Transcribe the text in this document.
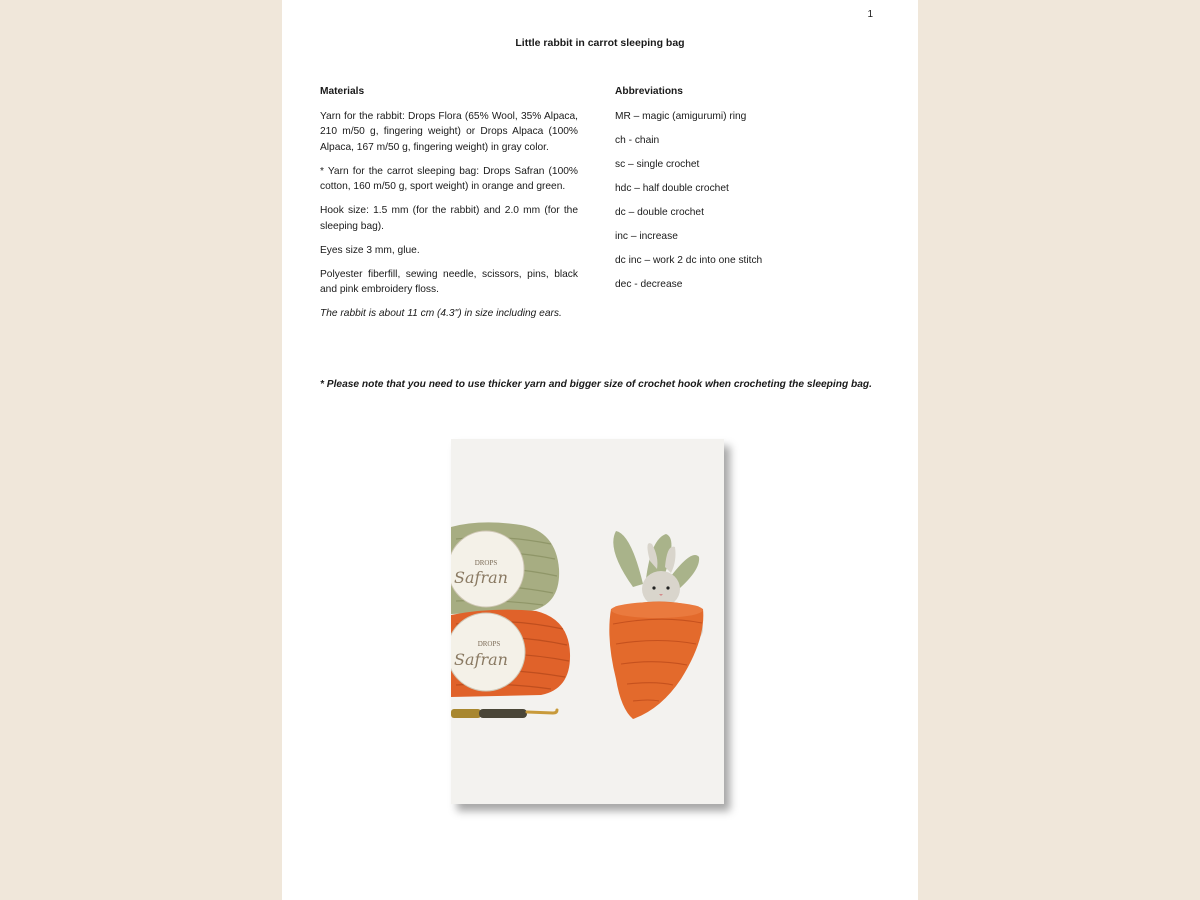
1
Little rabbit in carrot sleeping bag
Materials

Yarn for the rabbit: Drops Flora (65% Wool, 35% Alpaca, 210 m/50 g, fingering weight) or Drops Alpaca (100% Alpaca, 167 m/50 g, fingering weight) in gray color.

* Yarn for the carrot sleeping bag: Drops Safran (100% cotton, 160 m/50 g, sport weight) in orange and green.

Hook size: 1.5 mm (for the rabbit) and 2.0 mm (for the sleeping bag).

Eyes size 3 mm, glue.

Polyester fiberfill, sewing needle, scissors, pins, black and pink embroidery floss.

The rabbit is about 11 cm (4.3") in size including ears.

Abbreviations
MR – magic (amigurumi) ring
ch - chain
sc – single crochet
hdc – half double crochet
dc – double crochet
inc – increase
dc inc – work 2 dc into one stitch
dec - decrease
* Please note that you need to use thicker yarn and bigger size of crochet hook when crocheting the sleeping bag.
DROPS
Safran
DROPS
Safran
